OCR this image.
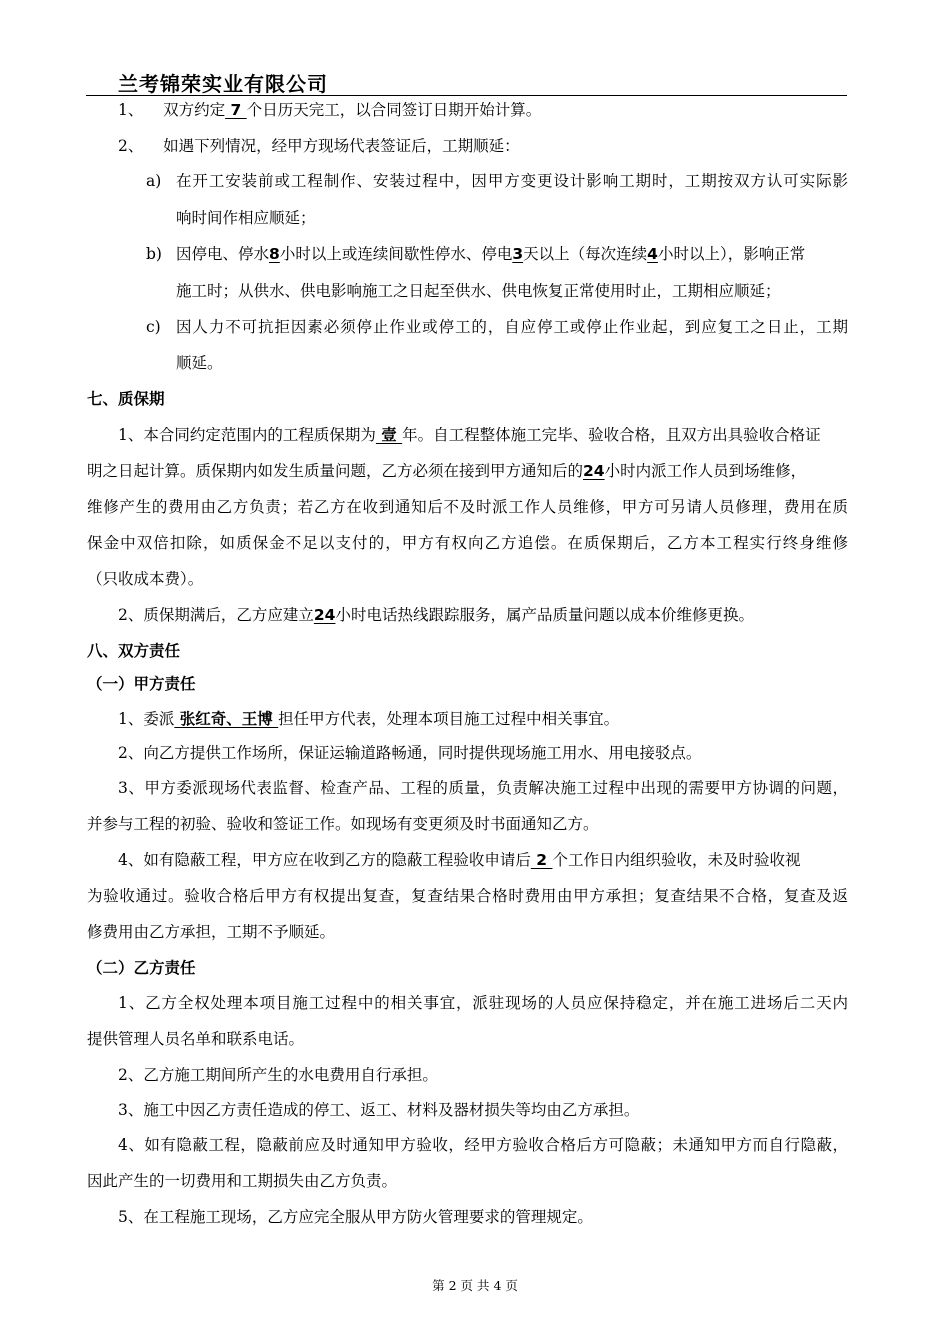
兰考锦荣实业有限公司
1、 双方约定 7 个日历天完工，以合同签订日期开始计算。
2、 如遇下列情况，经甲方现场代表签证后，工期顺延：
a) 在开工安装前或工程制作、安装过程中，因甲方变更设计影响工期时，工期按双方认可实际影
响时间作相应顺延；
b) 因停电、停水8小时以上或连续间歇性停水、停电3天以上（每次连续4小时以上），影响正常
施工时；从供水、供电影响施工之日起至供水、供电恢复正常使用时止，工期相应顺延；
c) 因人力不可抗拒因素必须停止作业或停工的，自应停工或停止作业起，到应复工之日止，工期
顺延。
七、质保期
1、本合同约定范围内的工程质保期为 壹 年。自工程整体施工完毕、验收合格，且双方出具验收合格证
明之日起计算。质保期内如发生质量问题，乙方必须在接到甲方通知后的24小时内派工作人员到场维修，
维修产生的费用由乙方负责；若乙方在收到通知后不及时派工作人员维修，甲方可另请人员修理，费用在质
保金中双倍扣除，如质保金不足以支付的，甲方有权向乙方追偿。在质保期后，乙方本工程实行终身维修
（只收成本费）。
2、质保期满后，乙方应建立24小时电话热线跟踪服务，属产品质量问题以成本价维修更换。
八、双方责任
（一）甲方责任
1、委派 张红奇、王博 担任甲方代表，处理本项目施工过程中相关事宜。
2、向乙方提供工作场所，保证运输道路畅通，同时提供现场施工用水、用电接驳点。
3、甲方委派现场代表监督、检查产品、工程的质量，负责解决施工过程中出现的需要甲方协调的问题，
并参与工程的初验、验收和签证工作。如现场有变更须及时书面通知乙方。
4、如有隐蔽工程，甲方应在收到乙方的隐蔽工程验收申请后 2 个工作日内组织验收，未及时验收视
为验收通过。验收合格后甲方有权提出复查，复查结果合格时费用由甲方承担；复查结果不合格，复查及返
修费用由乙方承担，工期不予顺延。
（二）乙方责任
1、乙方全权处理本项目施工过程中的相关事宜，派驻现场的人员应保持稳定，并在施工进场后二天内
提供管理人员名单和联系电话。
2、乙方施工期间所产生的水电费用自行承担。
3、施工中因乙方责任造成的停工、返工、材料及器材损失等均由乙方承担。
4、如有隐蔽工程，隐蔽前应及时通知甲方验收，经甲方验收合格后方可隐蔽；未通知甲方而自行隐蔽，
因此产生的一切费用和工期损失由乙方负责。
5、在工程施工现场，乙方应完全服从甲方防火管理要求的管理规定。
第 2 页 共 4 页
